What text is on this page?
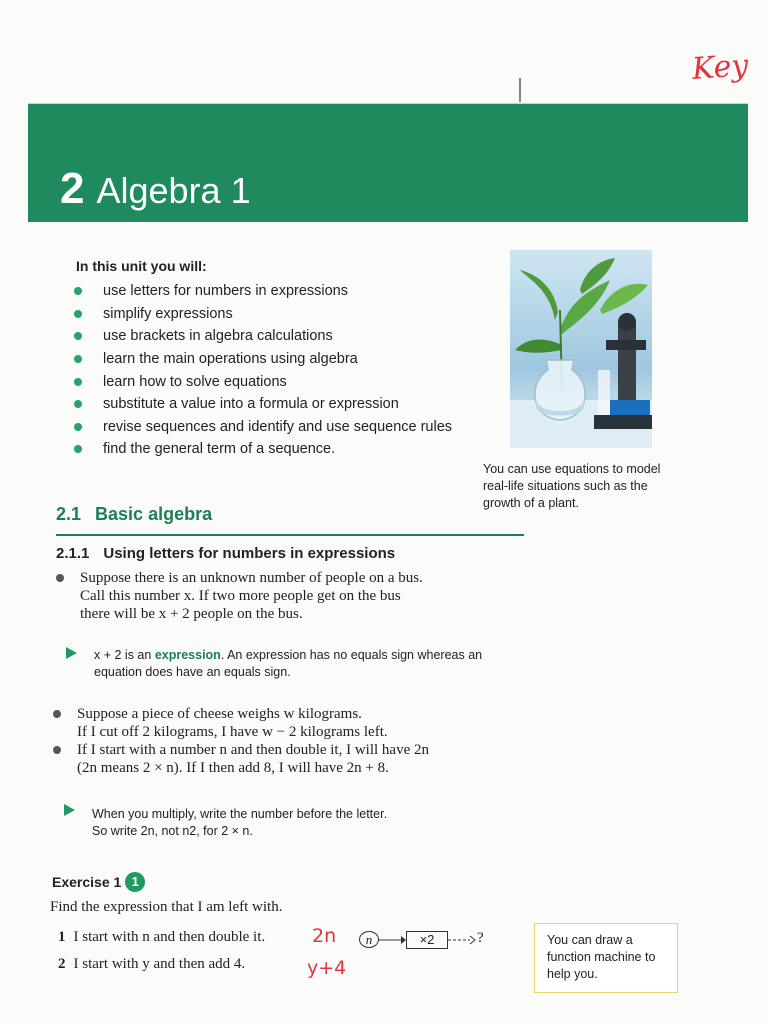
Key
2 Algebra 1
In this unit you will:
use letters for numbers in expressions
simplify expressions
use brackets in algebra calculations
learn the main operations using algebra
learn how to solve equations
substitute a value into a formula or expression
revise sequences and identify and use sequence rules
find the general term of a sequence.
You can use equations to model real-life situations such as the growth of a plant.
2.1 Basic algebra
2.1.1 Using letters for numbers in expressions
Suppose there is an unknown number of people on a bus.
Call this number x. If two more people get on the bus
there will be x + 2 people on the bus.
x + 2 is an expression. An expression has no equals sign whereas an
equation does have an equals sign.
Suppose a piece of cheese weighs w kilograms.
If I cut off 2 kilograms, I have w − 2 kilograms left.
If I start with a number n and then double it, I will have 2n
(2n means 2 × n). If I then add 8, I will have 2n + 8.
When you multiply, write the number before the letter.
So write 2n, not n2, for 2 × n.
Exercise 1 1
Find the expression that I am left with.
1 I start with n and then double it. 2n
2 I start with y and then add 4.	y+4
n	×2	?	You can draw a function machine to help you.
